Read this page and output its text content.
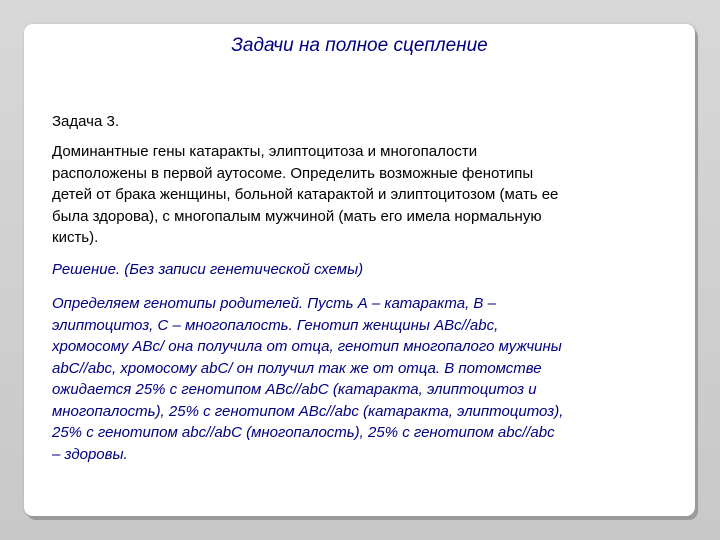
Задачи на полное сцепление
Задача 3.
Доминантные гены катаракты, элиптоцитоза и многопалости
расположены в первой аутосоме. Определить возможные фенотипы
детей от брака женщины, больной катарактой и элиптоцитозом (мать ее
была здорова), с многопалым мужчиной (мать его имела нормальную
кисть).
Решение. (Без записи генетической схемы)
Определяем генотипы родителей. Пусть А – катаракта, В –
элиптоцитоз, С – многопалость. Генотип женщины АВс//аbс,
хромосому АВс/ она получила от отца, генотип многопалого мужчины
аbС//аbс, хромосому аbС/ он получил так же от отца. В потомстве
ожидается 25% с генотипом АВс//аbС (катаракта, элиптоцитоз и
многопалость), 25% с генотипом АВс//аbс (катаракта, элиптоцитоз),
25% с генотипом аbс//аbС (многопалость), 25% с генотипом аbс//аbс
– здоровы.
